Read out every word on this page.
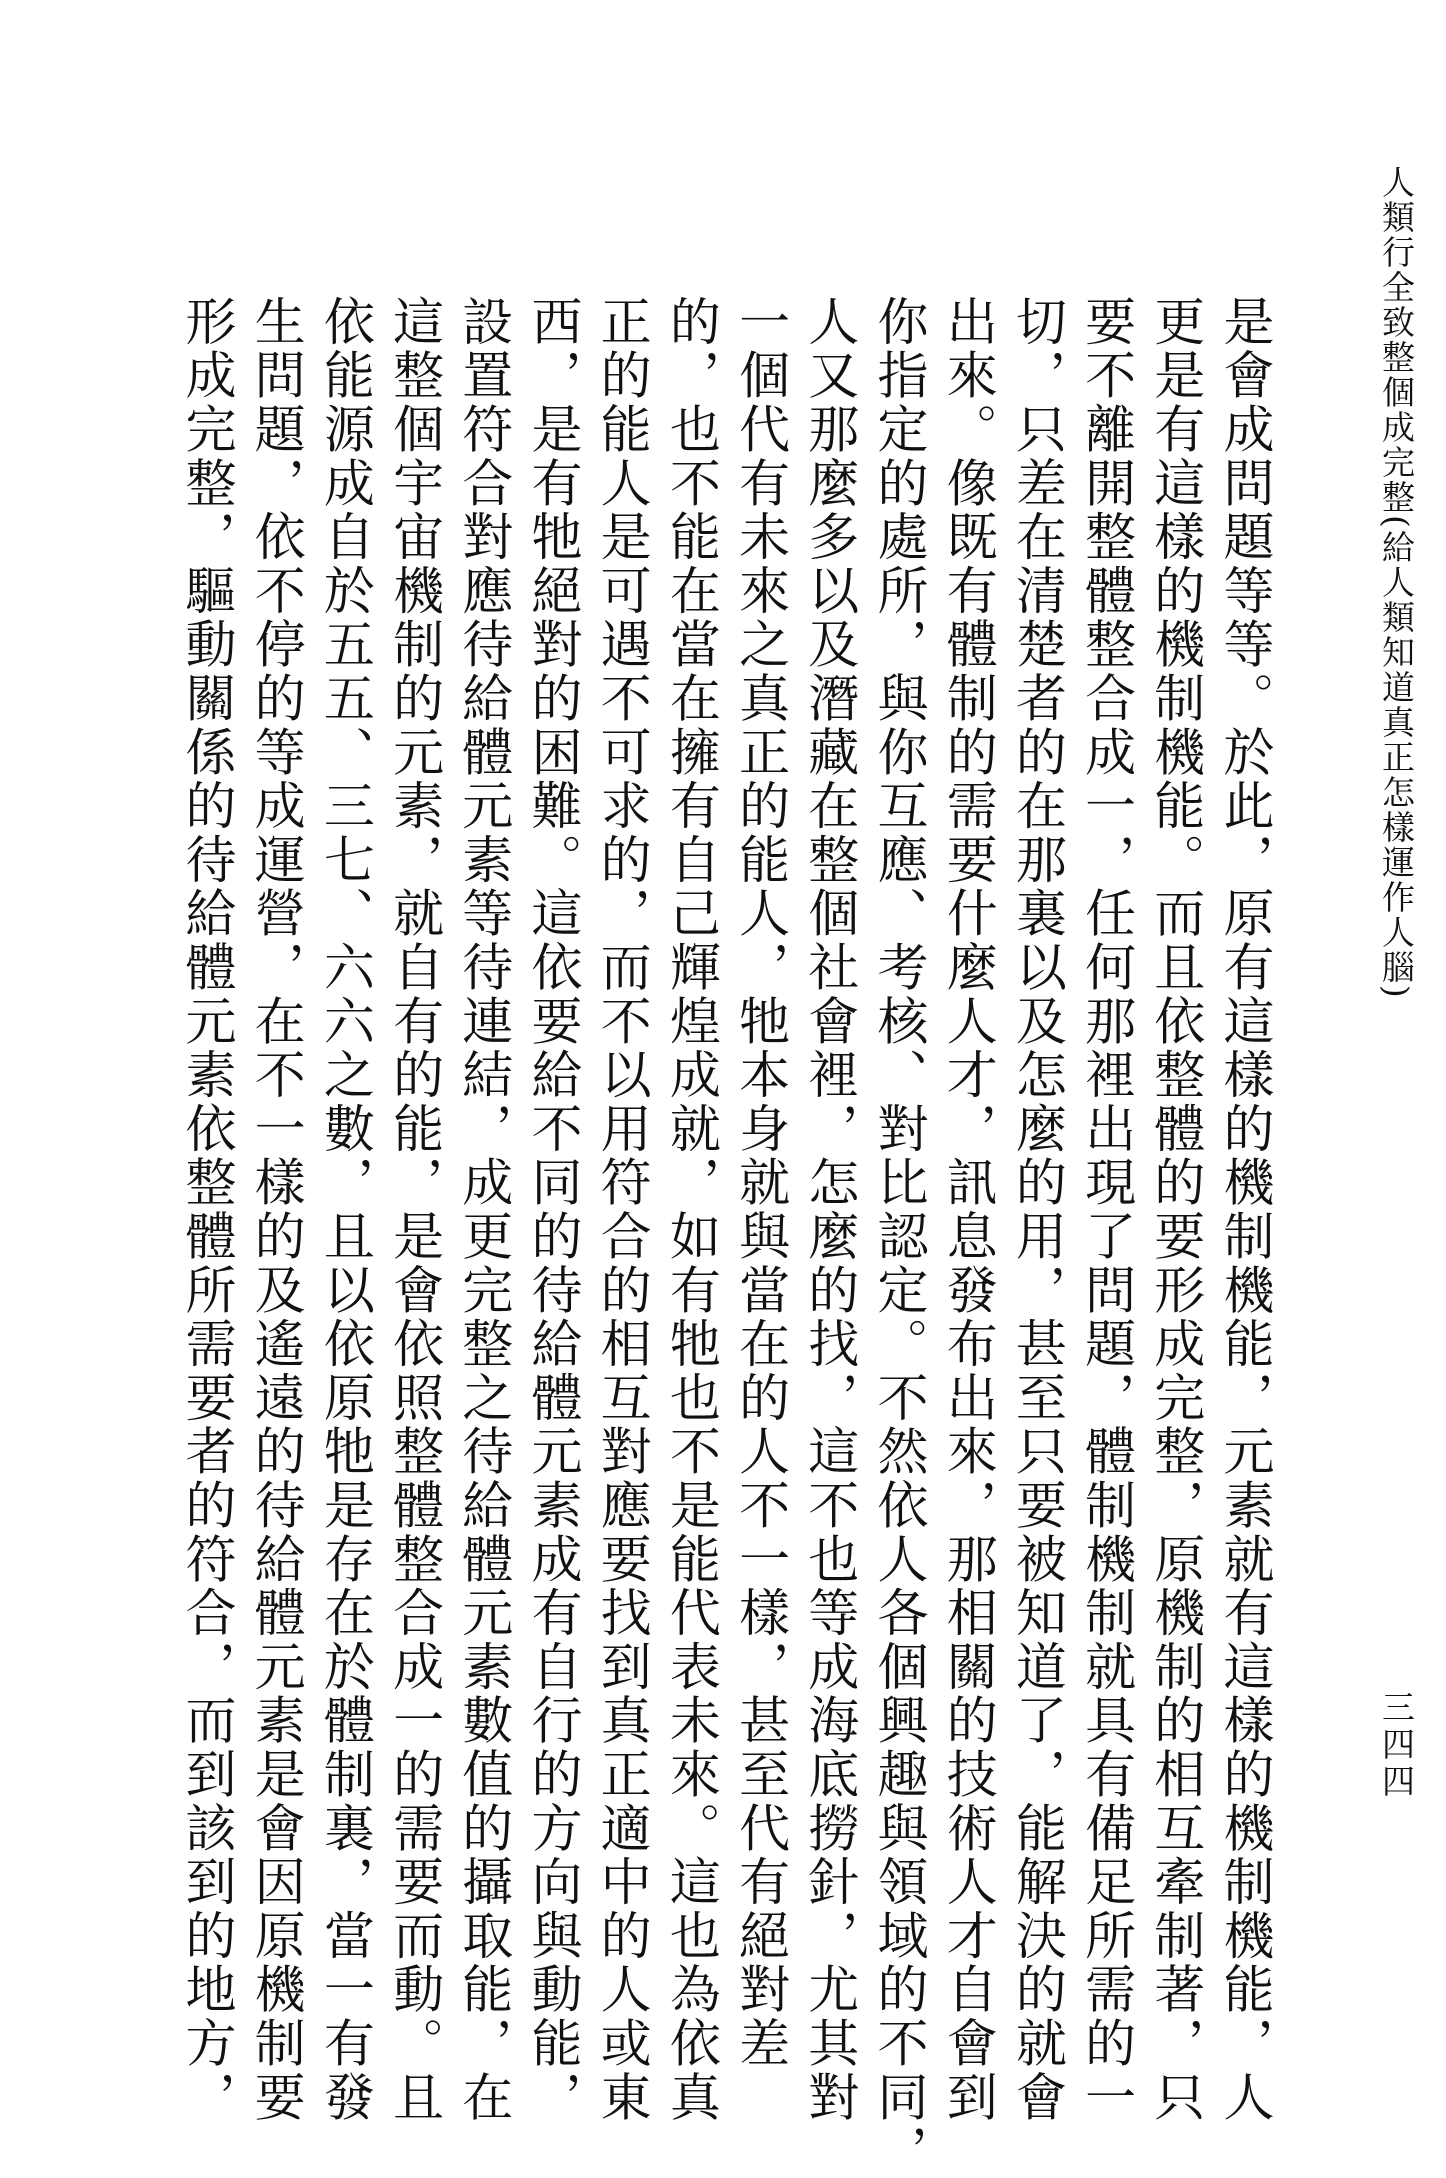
人類行全致整個成完整(給人類知道真正怎樣運作人腦)
三四四
是會成問題等等。於此，原有這樣的機制機能，元素就有這樣的機制機能，人
更是有這樣的機制機能。而且依整體的要形成完整，原機制的相互牽制著，只
要不離開整體整合成一，任何那裡出現了問題，體制機制就具有備足所需的一
切，只差在清楚者的在那裏以及怎麼的用，甚至只要被知道了，能解決的就會
出來。像既有體制的需要什麼人才，訊息發布出來，那相關的技術人才自會到
你指定的處所，與你互應、考核、對比認定。不然依人各個興趣與領域的不同，
人又那麼多以及潛藏在整個社會裡，怎麼的找，這不也等成海底撈針，尤其對
一個代有未來之真正的能人，牠本身就與當在的人不一樣，甚至代有絕對差
的，也不能在當在擁有自己輝煌成就，如有牠也不是能代表未來。這也為依真
正的能人是可遇不可求的，而不以用符合的相互對應要找到真正適中的人或東
西，是有牠絕對的困難。這依要給不同的待給體元素成有自行的方向與動能，
設置符合對應待給體元素等待連結，成更完整之待給體元素數值的攝取能，在
這整個宇宙機制的元素，就自有的能，是會依照整體整合成一的需要而動。且
依能源成自於五五、三七、六六之數，且以依原牠是存在於體制裏，當一有發
生問題，依不停的等成運營，在不一樣的及遙遠的待給體元素是會因原機制要
形成完整，驅動關係的待給體元素依整體所需要者的符合，而到該到的地方，
